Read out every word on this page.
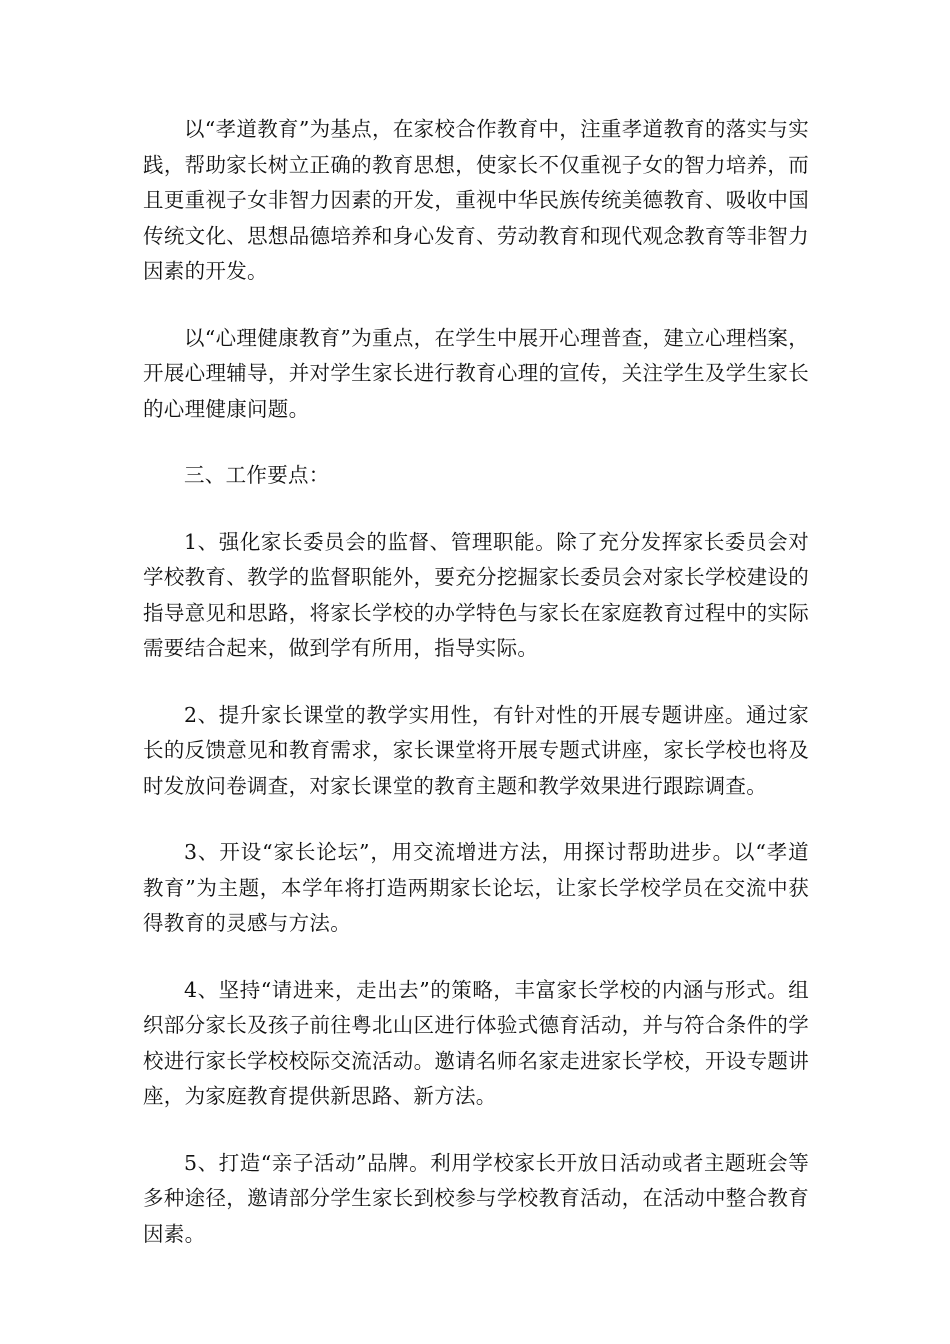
以“孝道教育”为基点，在家校合作教育中，注重孝道教育的落实与实践，帮助家长树立正确的教育思想，使家长不仅重视子女的智力培养，而且更重视子女非智力因素的开发，重视中华民族传统美德教育、吸收中国传统文化、思想品德培养和身心发育、劳动教育和现代观念教育等非智力因素的开发。

以“心理健康教育”为重点，在学生中展开心理普查，建立心理档案，开展心理辅导，并对学生家长进行教育心理的宣传，关注学生及学生家长的心理健康问题。

三、工作要点：

1、强化家长委员会的监督、管理职能。除了充分发挥家长委员会对学校教育、教学的监督职能外，要充分挖掘家长委员会对家长学校建设的指导意见和思路，将家长学校的办学特色与家长在家庭教育过程中的实际需要结合起来，做到学有所用，指导实际。

2、提升家长课堂的教学实用性，有针对性的开展专题讲座。通过家长的反馈意见和教育需求，家长课堂将开展专题式讲座，家长学校也将及时发放问卷调查，对家长课堂的教育主题和教学效果进行跟踪调查。

3、开设“家长论坛”，用交流增进方法，用探讨帮助进步。以“孝道教育”为主题，本学年将打造两期家长论坛，让家长学校学员在交流中获得教育的灵感与方法。

4、坚持“请进来，走出去”的策略，丰富家长学校的内涵与形式。组织部分家长及孩子前往粤北山区进行体验式德育活动，并与符合条件的学校进行家长学校校际交流活动。邀请名师名家走进家长学校，开设专题讲座，为家庭教育提供新思路、新方法。

5、打造“亲子活动”品牌。利用学校家长开放日活动或者主题班会等多种途径，邀请部分学生家长到校参与学校教育活动，在活动中整合教育因素。
